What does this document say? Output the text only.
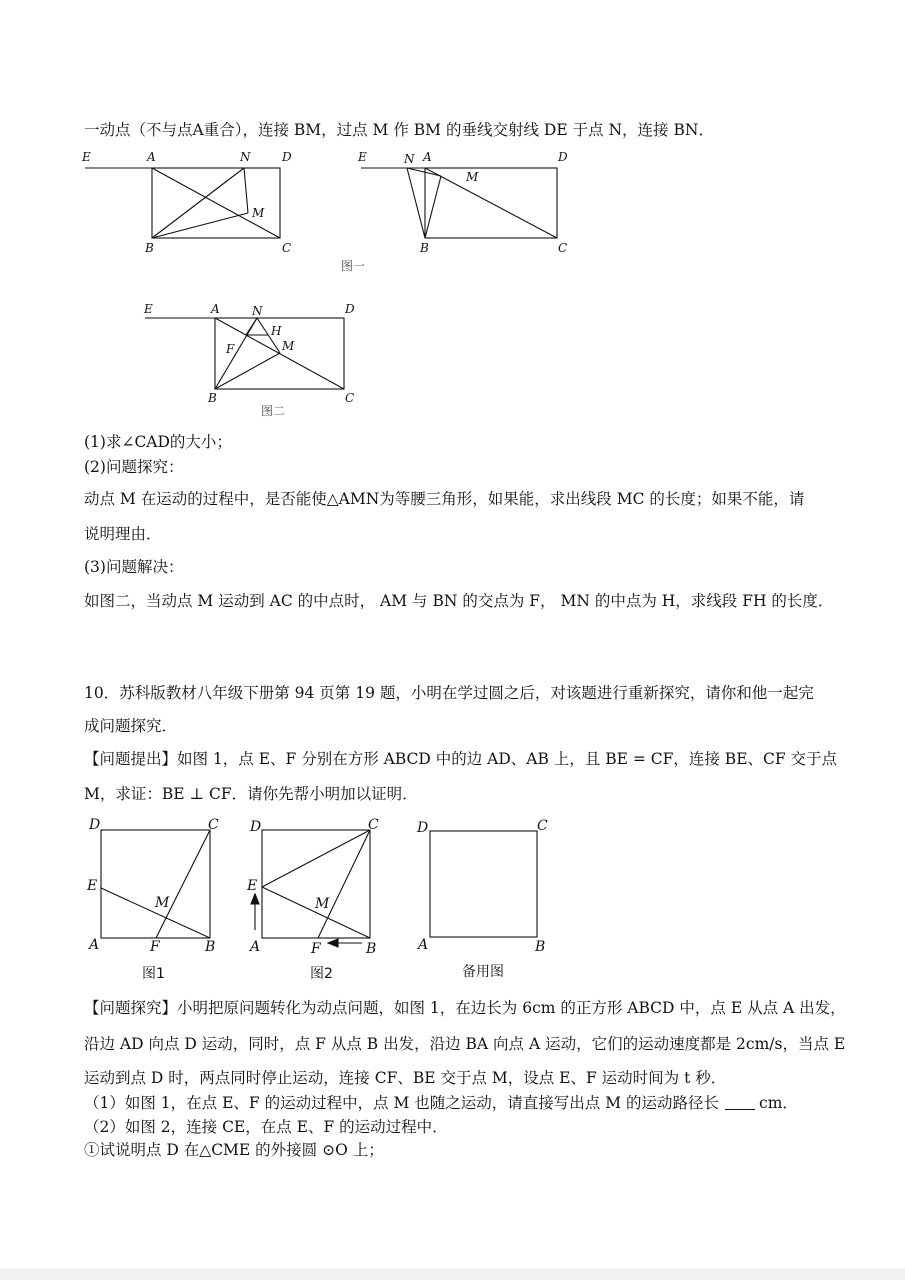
一动点（不与点A重合），连接 BM，过点 M 作 BM 的垂线交射线 DE 于点 N，连接 BN．
E	A	N	D
M
B	C
E	N A	D
M
B	C
图一
E	A	N	D
H
F	M
B	C
图二
(1)求∠CAD的大小；
(2)问题探究：
动点 M 在运动的过程中，是否能使△AMN为等腰三角形，如果能，求出线段 MC 的长度；如果不能，请
说明理由．
(3)问题解决：
如图二，当动点 M 运动到 AC 的中点时， AM 与 BN 的交点为 F， MN 的中点为 H，求线段 FH 的长度．
10．苏科版教材八年级下册第 94 页第 19 题，小明在学过圆之后，对该题进行重新探究，请你和他一起完
成问题探究．
【问题提出】如图 1，点 E、F 分别在方形 ABCD 中的边 AD、AB 上，且 BE = CF，连接 BE、CF 交于点
M，求证：BE ⊥ CF．请你先帮小明加以证明．
D	C
E
M
A	F	B
图1
D	C
E
M
A	F	B
图2
D	C
A	B
备用图
【问题探究】小明把原问题转化为动点问题，如图 1，在边长为 6cm 的正方形 ABCD 中，点 E 从点 A 出发，
沿边 AD 向点 D 运动，同时，点 F 从点 B 出发，沿边 BA 向点 A 运动，它们的运动速度都是 2cm/s，当点 E
运动到点 D 时，两点同时停止运动，连接 CF、BE 交于点 M，设点 E、F 运动时间为 t 秒．
（1）如图 1，在点 E、F 的运动过程中，点 M 也随之运动，请直接写出点 M 的运动路径长	cm．
（2）如图 2，连接 CE，在点 E、F 的运动过程中．
①试说明点 D 在△CME 的外接圆 ⊙O 上；
